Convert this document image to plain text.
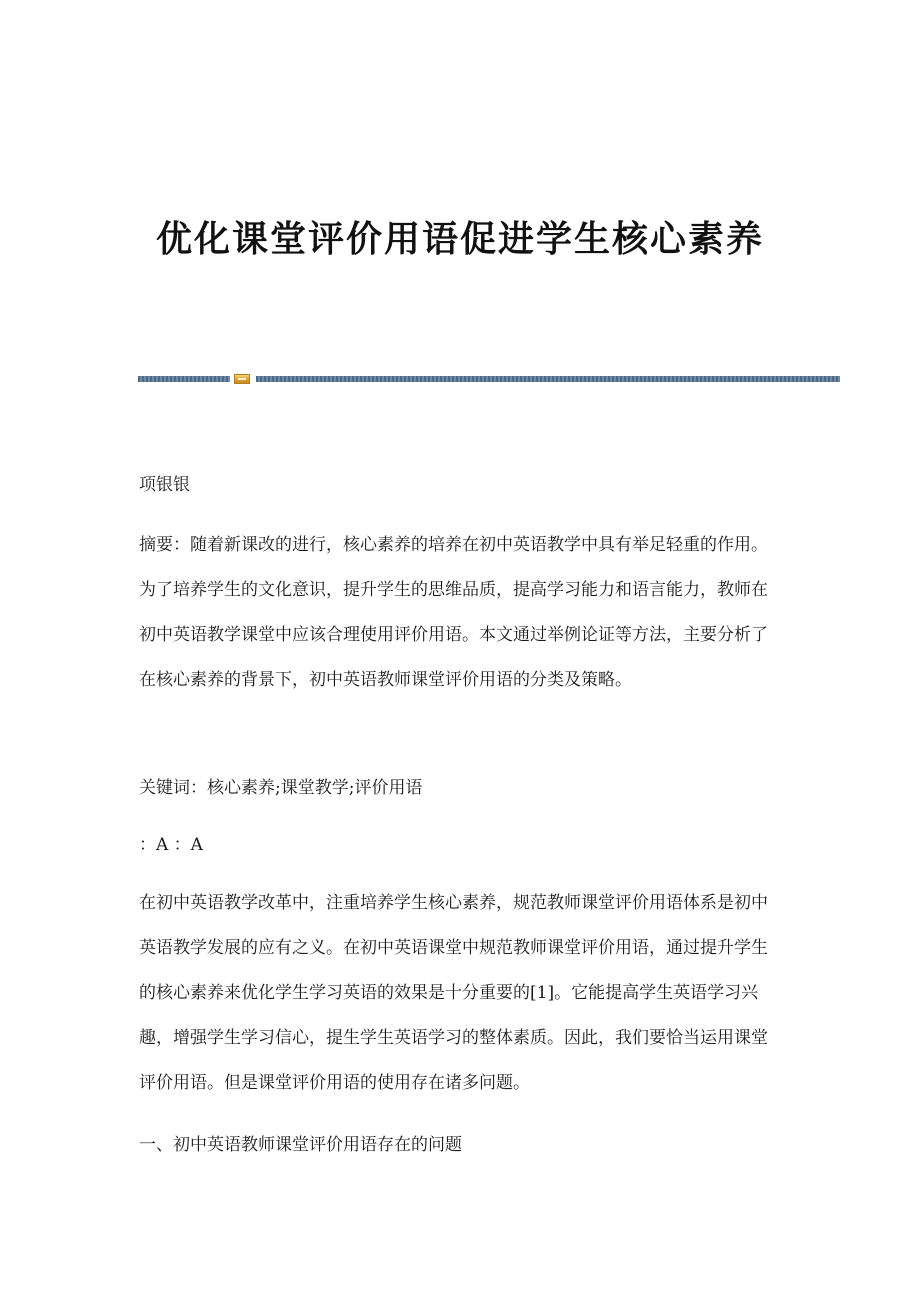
优化课堂评价用语促进学生核心素养
项银银
摘要：随着新课改的进行，核心素养的培养在初中英语教学中具有举足轻重的作用。为了培养学生的文化意识，提升学生的思维品质，提高学习能力和语言能力，教师在初中英语教学课堂中应该合理使用评价用语。本文通过举例论证等方法，主要分析了在核心素养的背景下，初中英语教师课堂评价用语的分类及策略。
关键词：核心素养;课堂教学;评价用语
：A ：A
在初中英语教学改革中，注重培养学生核心素养，规范教师课堂评价用语体系是初中英语教学发展的应有之义。在初中英语课堂中规范教师课堂评价用语，通过提升学生的核心素养来优化学生学习英语的效果是十分重要的[1]。它能提高学生英语学习兴趣，增强学生学习信心，提生学生英语学习的整体素质。因此，我们要恰当运用课堂评价用语。但是课堂评价用语的使用存在诸多问题。
一、初中英语教师课堂评价用语存在的问题
